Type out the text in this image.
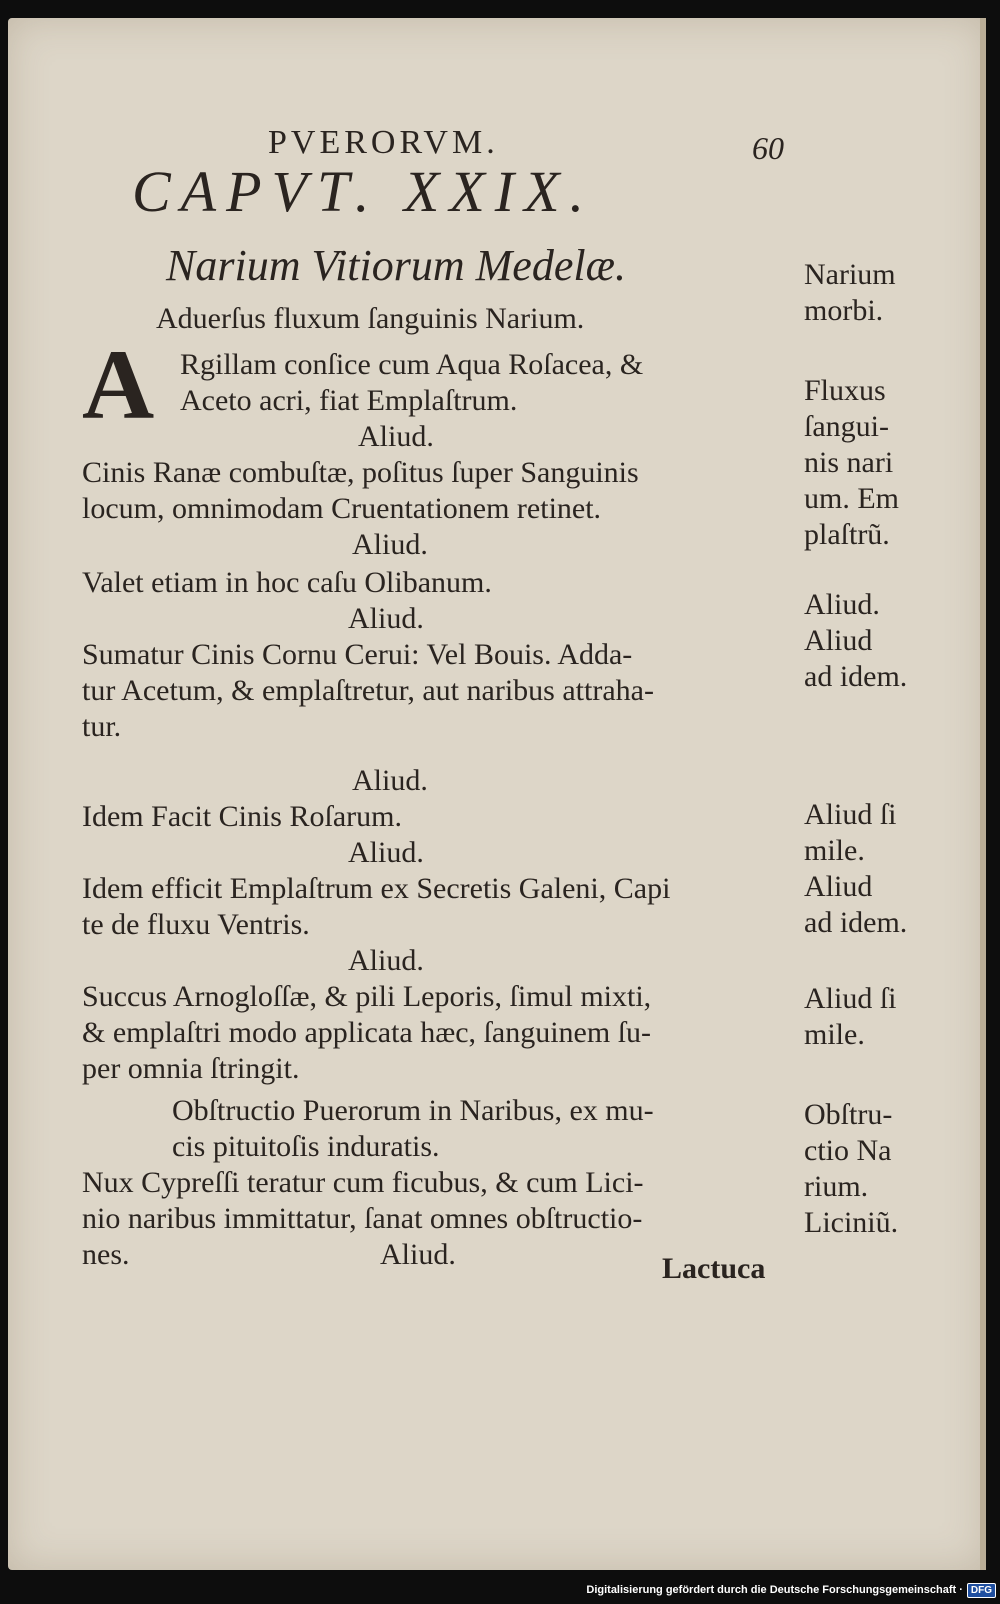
PVERORVM.	60
CAPVT. XXIX.
Narium Vitiorum Medelæ.
Aduerſus fluxum ſanguinis Narium.
A Rgillam conſice cum Aqua Roſacea, &
Aceto acri, fiat Emplaſtrum.
Aliud.
Cinis Ranæ combuſtæ, poſitus ſuper Sanguinis
locum, omnimodam Cruentationem retinet.
Aliud.
Valet etiam in hoc caſu Olibanum.
Aliud.
Sumatur Cinis Cornu Cerui: Vel Bouis. Adda-
tur Acetum, & emplaſtretur, aut naribus attraha-
tur.
Aliud.
Idem Facit Cinis Roſarum.
Aliud.
Idem efficit Emplaſtrum ex Secretis Galeni, Capi
te de fluxu Ventris.
Aliud.
Succus Arnogloſſæ, & pili Leporis, ſimul mixti,
& emplaſtri modo applicata hæc, ſanguinem ſu-
per omnia ſtringit.
Obſtructio Puerorum in Naribus, ex mu-
cis pituitoſis induratis.
Nux Cypreſſi teratur cum ficubus, & cum Lici-
nio naribus immittatur, ſanat omnes obſtructio-
nes.	Aliud.
Narium
morbi.
Fluxus
ſangui-
nis nari
um. Em
plaſtrũ.
Aliud.
Aliud
ad idem.
Aliud ſi
mile.
Aliud
ad idem.
Aliud ſi
mile.
Obſtru-
ctio Na
rium.
Liciniũ.
Lactuca
Digitalisierung gefördert durch die Deutsche Forschungsgemeinschaft · DFG
